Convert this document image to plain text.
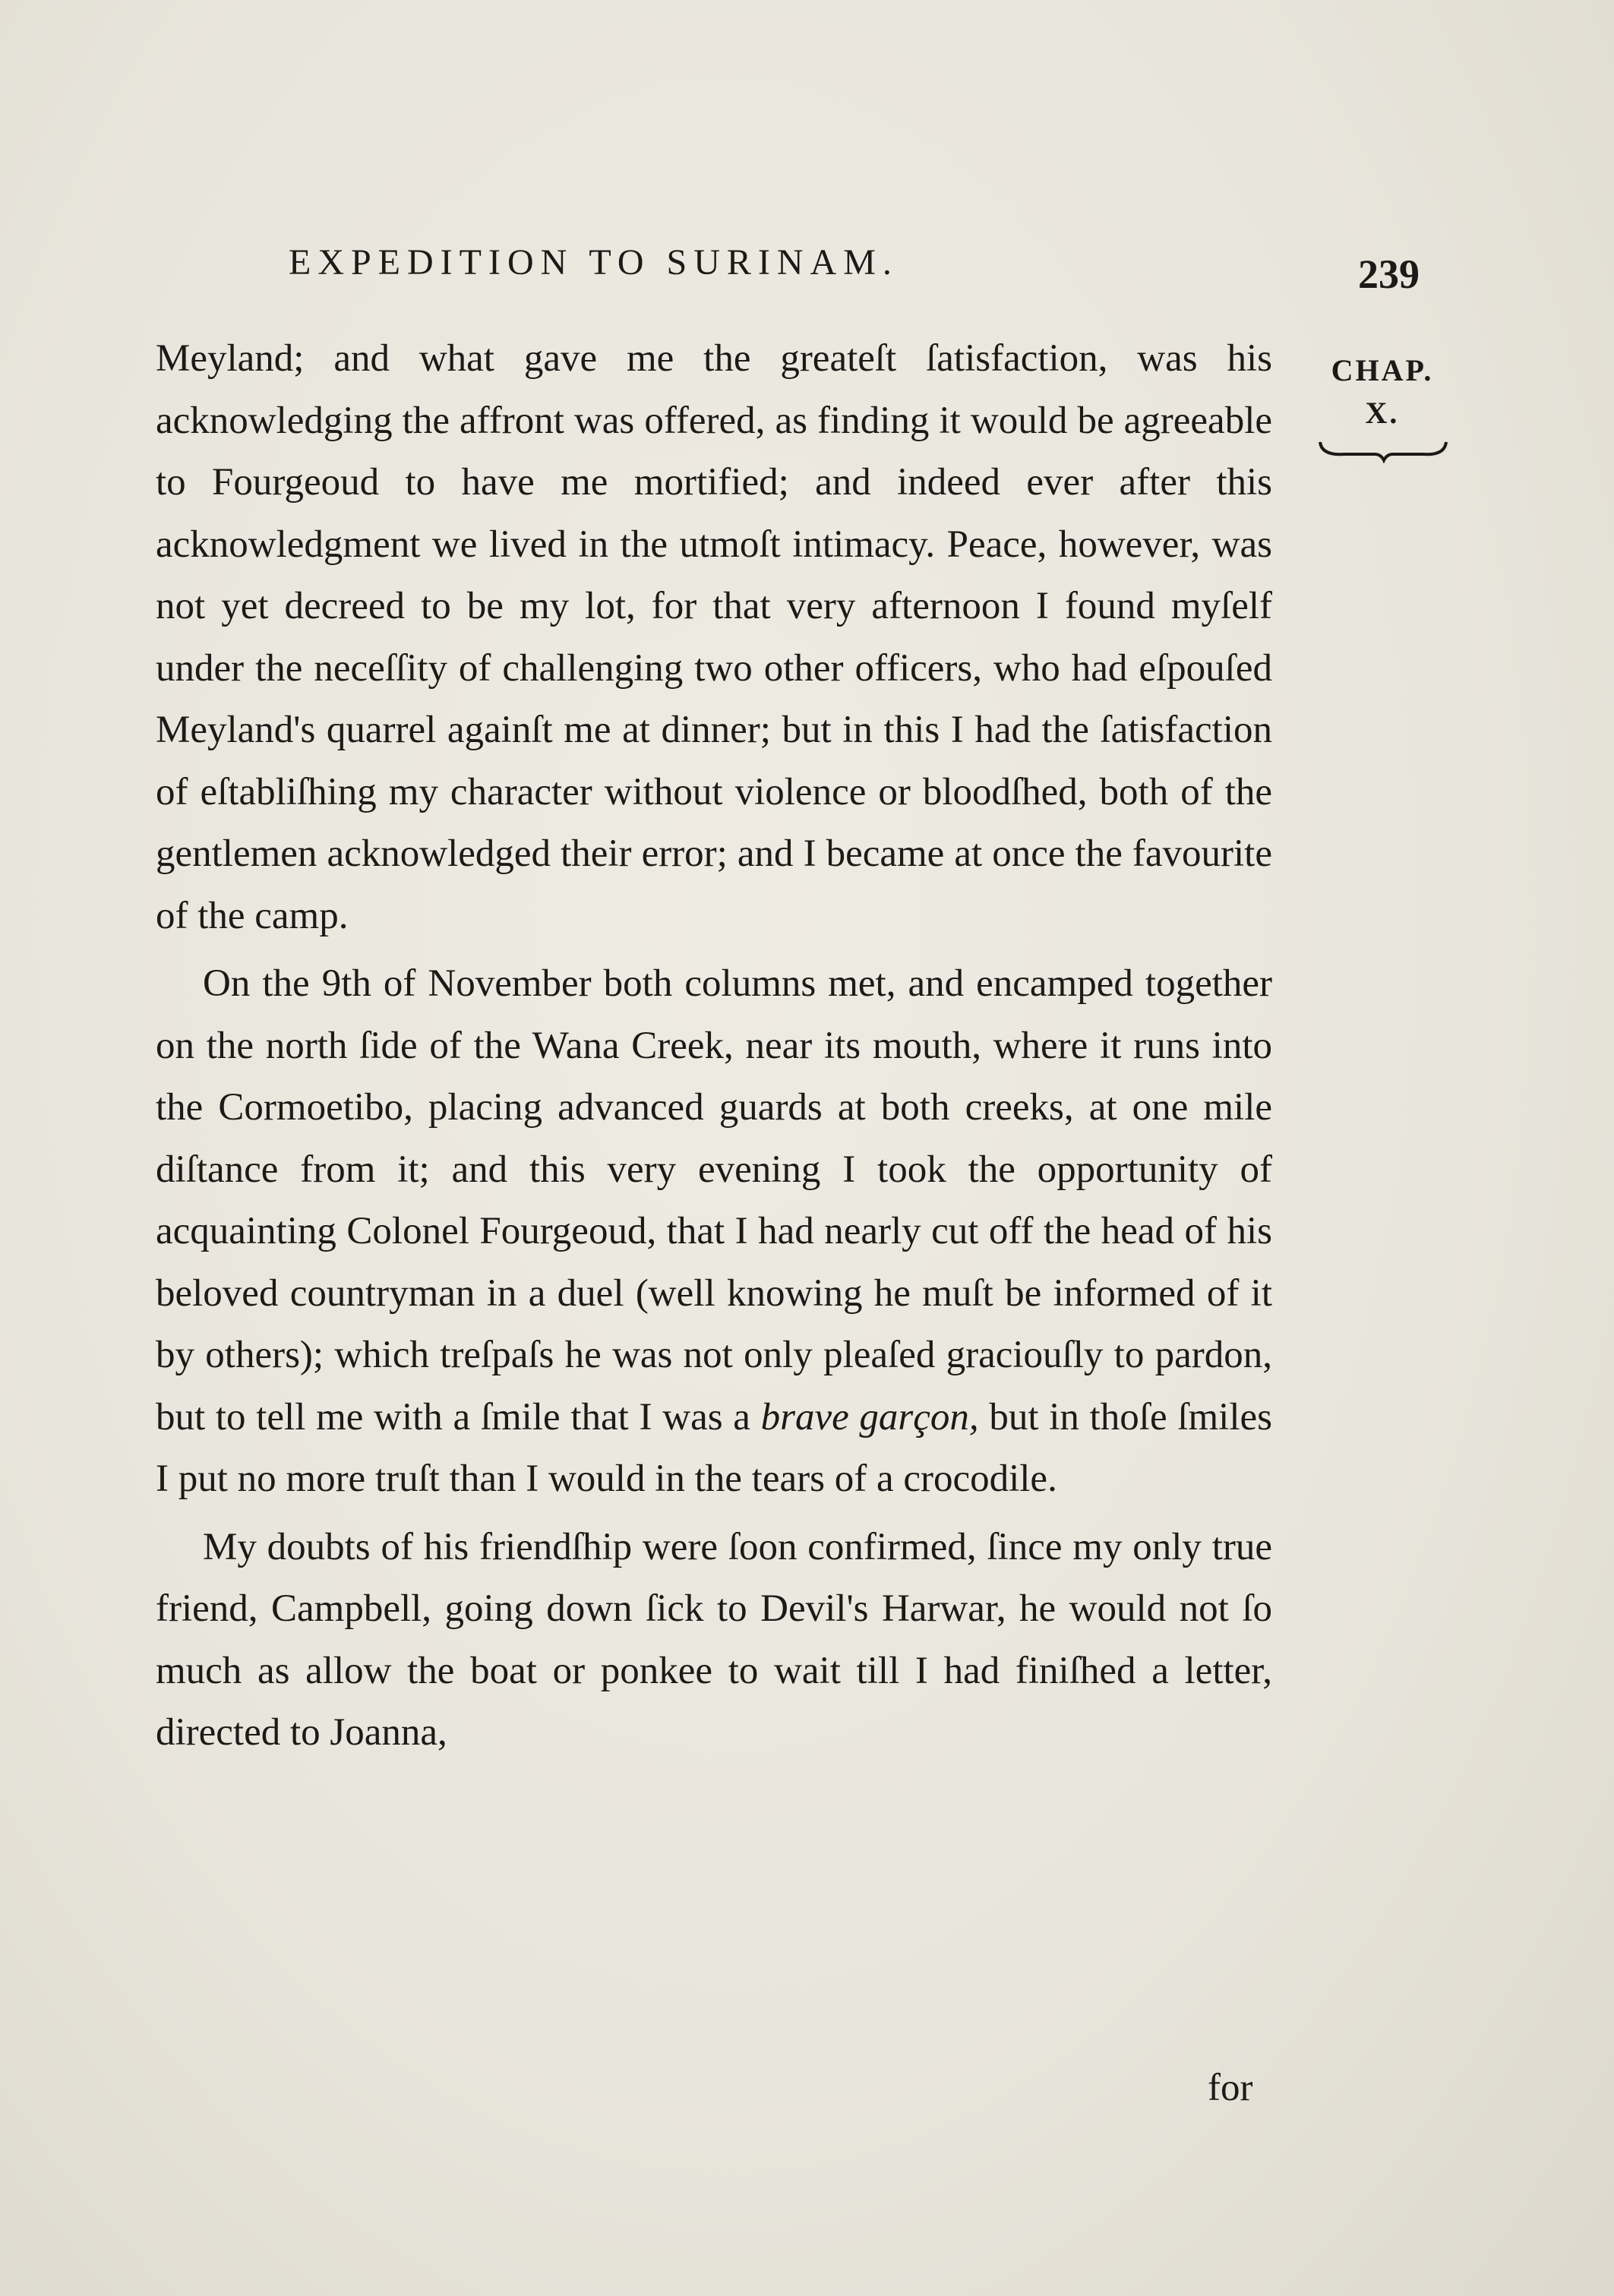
EXPEDITION TO SURINAM.	239
CHAP.
X.

Meyland; and what gave me the greateſt ſatisfaction, was his acknowledging the affront was offered, as finding it would be agreeable to Fourgeoud to have me mortified; and indeed ever after this acknowledgment we lived in the utmoſt intimacy. Peace, however, was not yet decreed to be my lot, for that very afternoon I found myſelf under the neceſſity of challenging two other officers, who had eſpouſed Meyland's quarrel againſt me at dinner; but in this I had the ſatisfaction of eſtabliſhing my character without violence or bloodſhed, both of the gentlemen acknowledged their error; and I became at once the favourite of the camp.

On the 9th of November both columns met, and encamped together on the north ſide of the Wana Creek, near its mouth, where it runs into the Cormoetibo, placing advanced guards at both creeks, at one mile diſtance from it; and this very evening I took the opportunity of acquainting Colonel Fourgeoud, that I had nearly cut off the head of his beloved countryman in a duel (well knowing he muſt be informed of it by others); which treſpaſs he was not only pleaſed graciouſly to pardon, but to tell me with a ſmile that I was a brave garçon, but in thoſe ſmiles I put no more truſt than I would in the tears of a crocodile.

My doubts of his friendſhip were ſoon confirmed, ſince my only true friend, Campbell, going down ſick to Devil's Harwar, he would not ſo much as allow the boat or ponkee to wait till I had finiſhed a letter, directed to Joanna,

for
